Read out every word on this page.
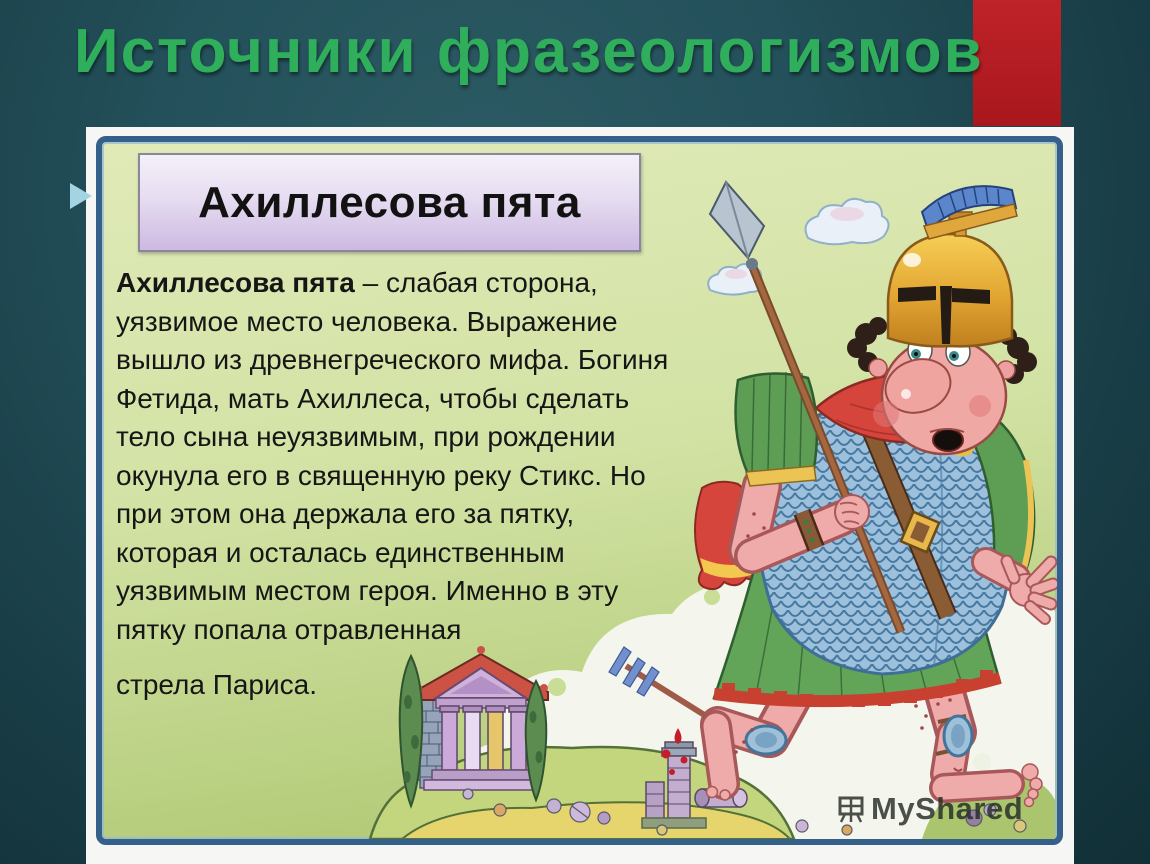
Источники фразеологизмов
Ахиллесова пята

Ахиллесова пята – слабая сторона, уязвимое место человека. Выражение вышло из древнегреческого мифа. Богиня Фетида, мать Ахиллеса, чтобы сделать тело сына неуязвимым, при рождении окунула его в священную реку Стикс. Но при этом она держала его за пятку, которая и осталась единственным уязвимым местом героя. Именно в эту пятку попала отравленная

стрела Париса.

MyShared
